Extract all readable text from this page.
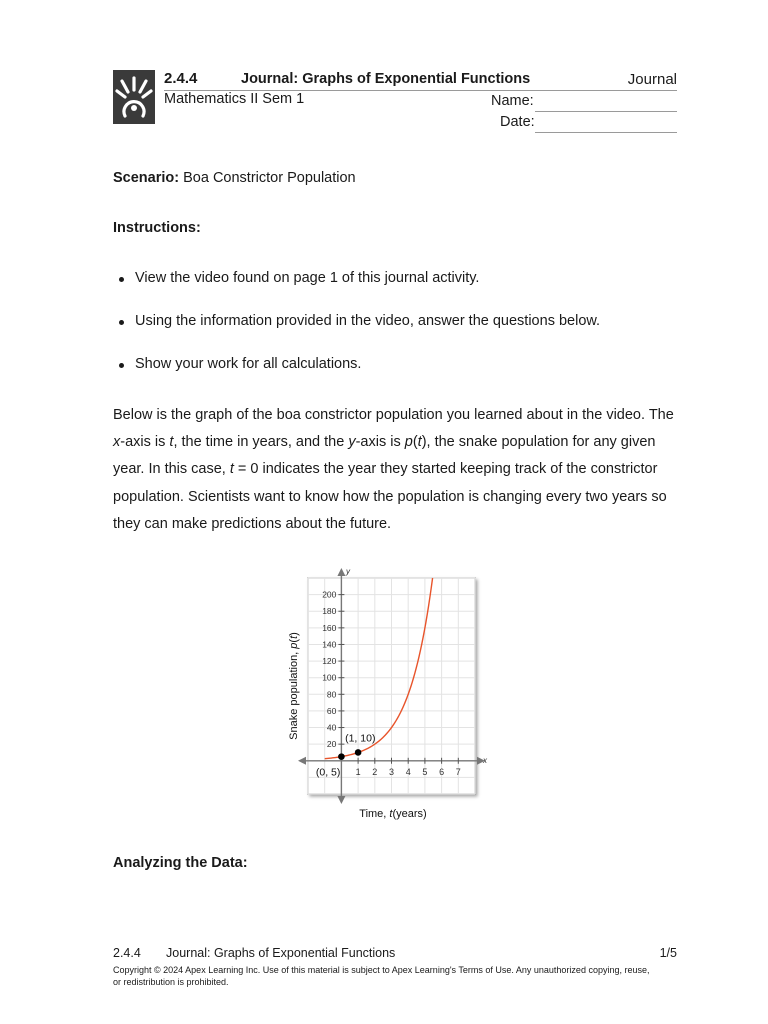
2.4.4	Journal: Graphs of Exponential Functions	Journal
Mathematics II Sem 1	Name:
Date:
Scenario: Boa Constrictor Population
Instructions:
View the video found on page 1 of this journal activity.
Using the information provided in the video, answer the questions below.
Show your work for all calculations.
Below is the graph of the boa constrictor population you learned about in the video. The x-axis is t, the time in years, and the y-axis is p(t), the snake population for any given year. In this case, t = 0 indicates the year they started keeping track of the constrictor population. Scientists want to know how the population is changing every two years so they can make predictions about the future.
1 2 3 4 5 6 7
20
40
60
80
100
120
140
160
180
200
(0, 5)
(1, 10)
y
x
Snake population, p(t)
Time, t(years)
Analyzing the Data:
2.4.4 Journal: Graphs of Exponential Functions	1/5
Copyright © 2024 Apex Learning Inc. Use of this material is subject to Apex Learning's Terms of Use. Any unauthorized copying, reuse, or redistribution is prohibited.
